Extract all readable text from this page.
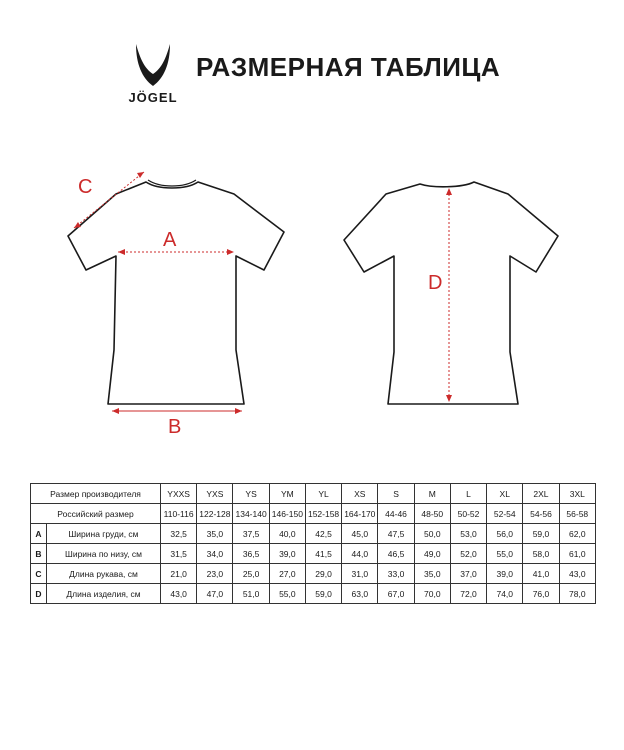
JÖGEL
РАЗМЕРНАЯ ТАБЛИЦА
C
A
B
D
Размер производителя		YXXS	YXS	YS	YM	YL	XS	S	M	L	XL	2XL	3XL
Российский размер		110-116	122-128	134-140	146-150	152-158	164-170	44-46	48-50	50-52	52-54	54-56	56-58
A	Ширина груди, см	32,5	35,0	37,5	40,0	42,5	45,0	47,5	50,0	53,0	56,0	59,0	62,0
B	Ширина по низу, см	31,5	34,0	36,5	39,0	41,5	44,0	46,5	49,0	52,0	55,0	58,0	61,0
C	Длина рукава, см	21,0	23,0	25,0	27,0	29,0	31,0	33,0	35,0	37,0	39,0	41,0	43,0
D	Длина изделия, см	43,0	47,0	51,0	55,0	59,0	63,0	67,0	70,0	72,0	74,0	76,0	78,0
